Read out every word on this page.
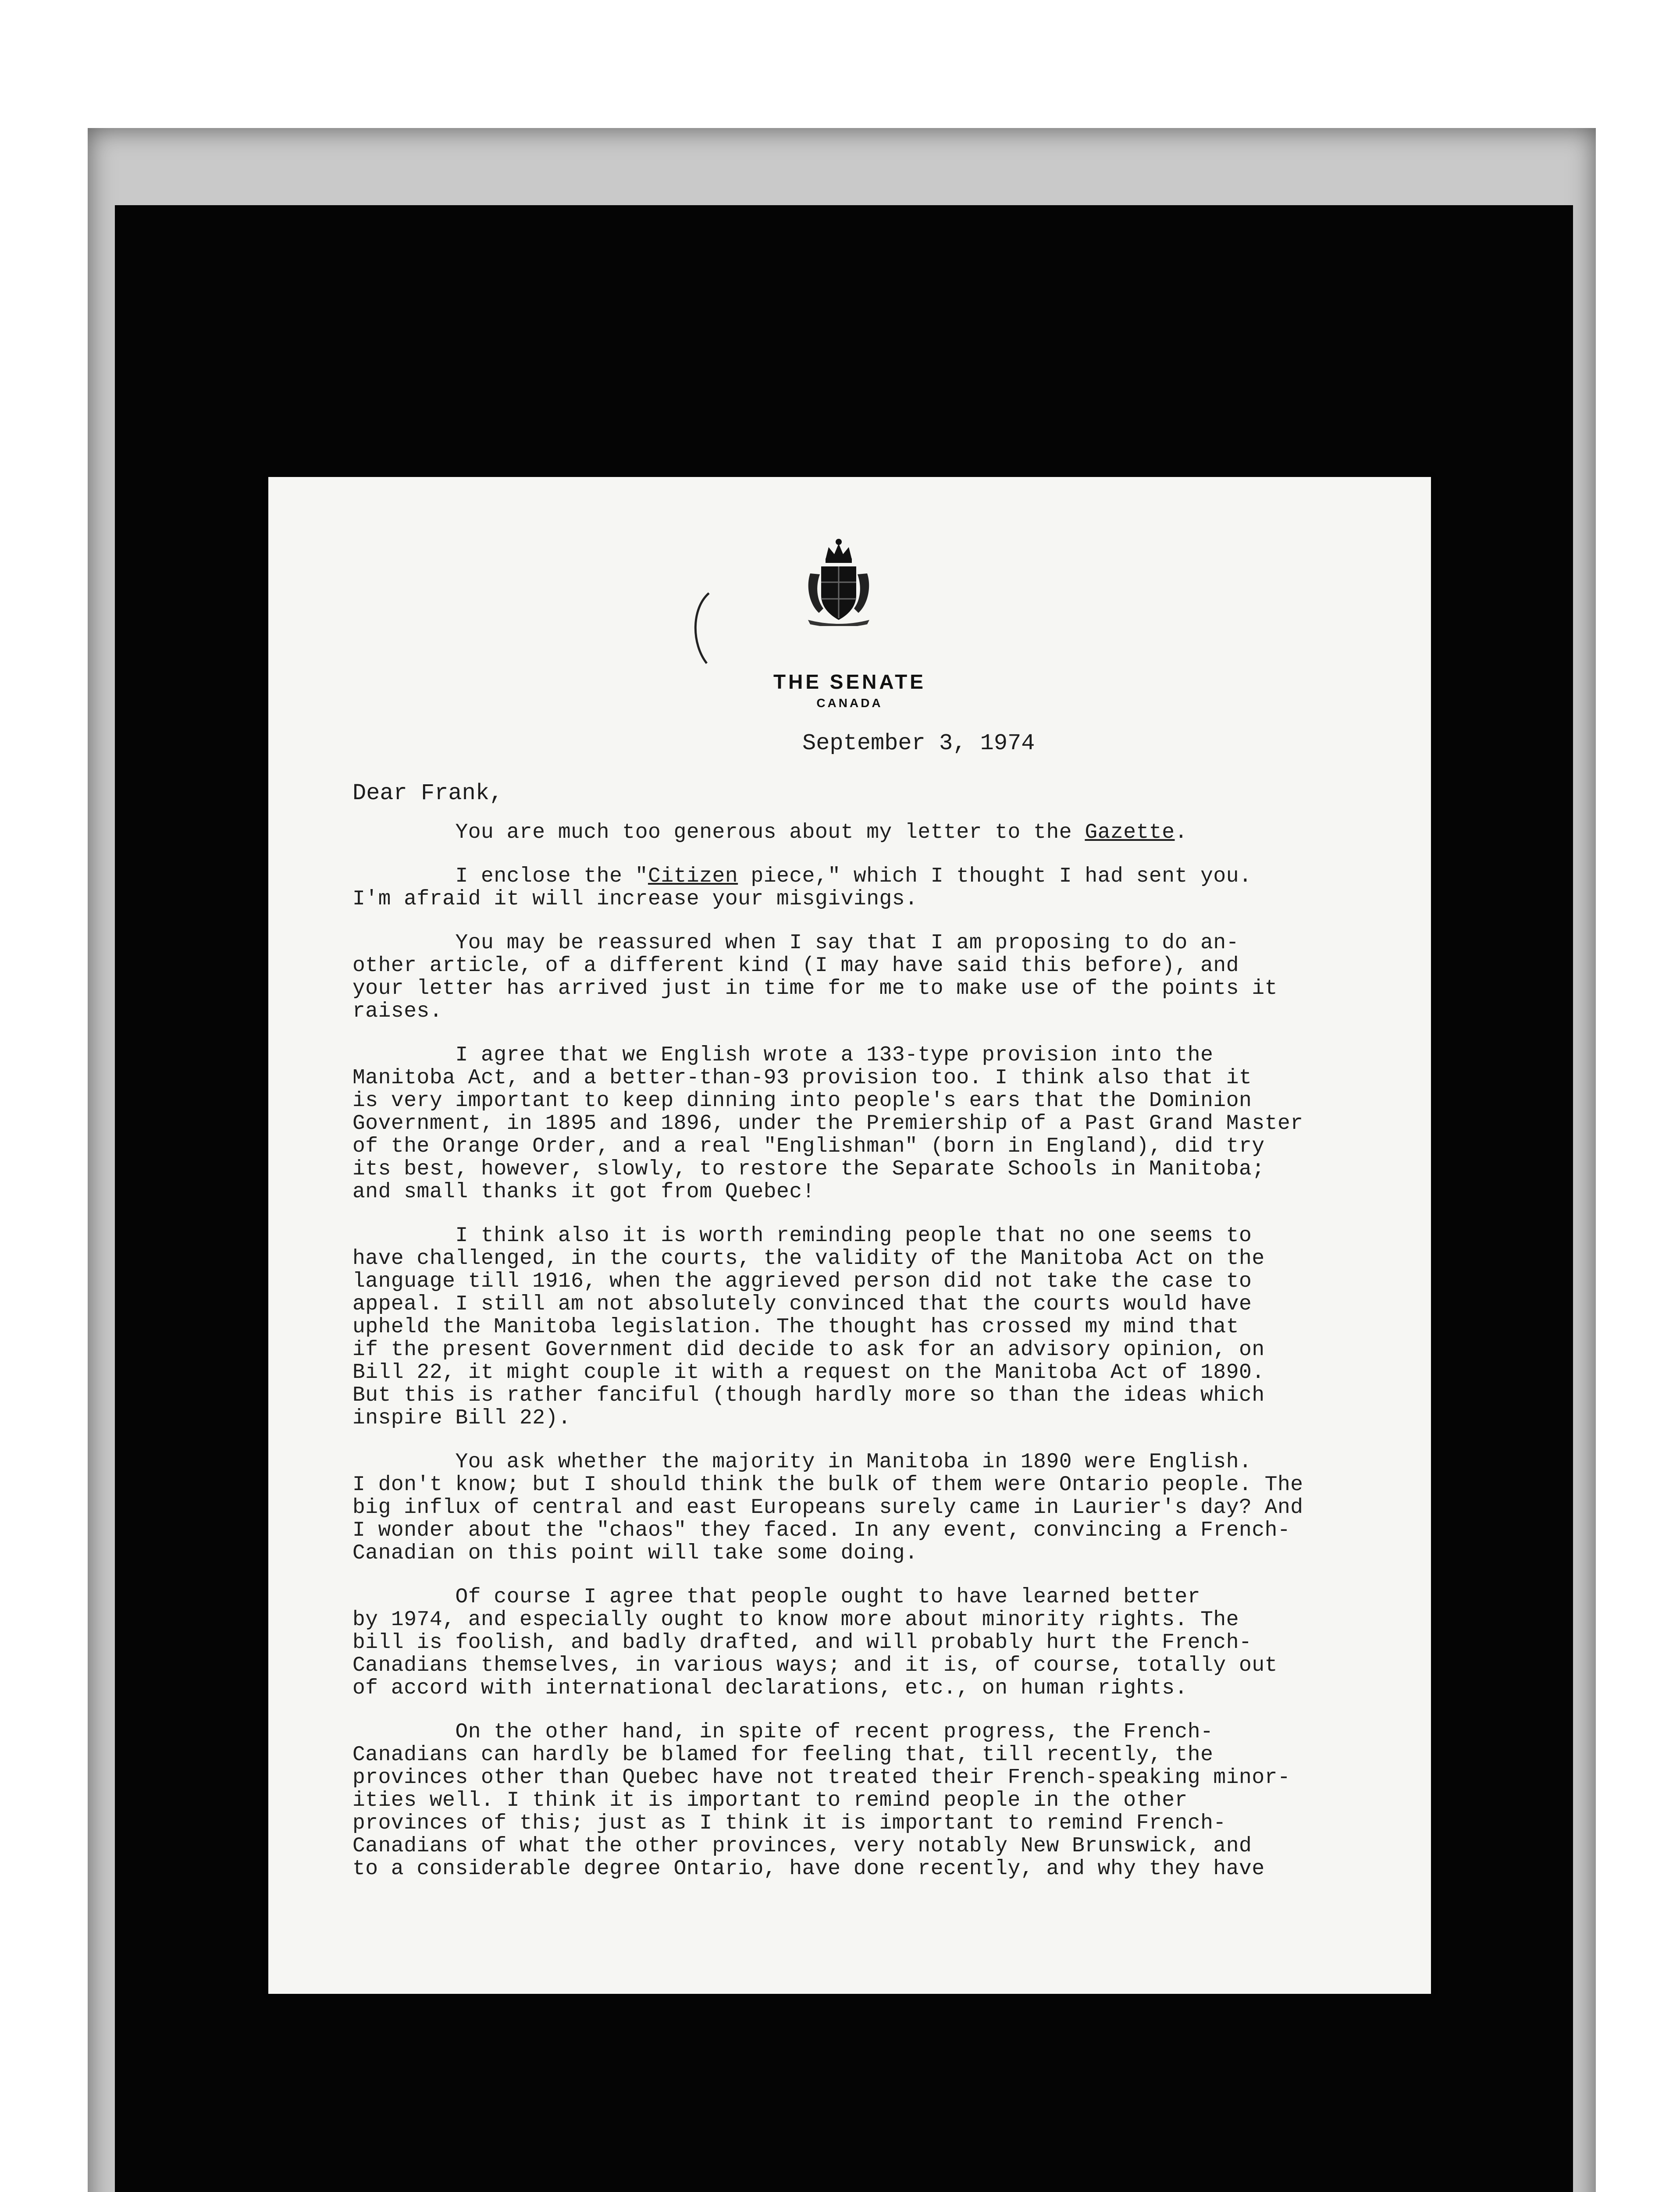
THE SENATE
CANADA

September 3, 1974

Dear Frank,

You are much too generous about my letter to the Gazette.
I enclose the "Citizen piece," which I thought I had sent you.
I'm afraid it will increase your misgivings.
You may be reassured when I say that I am proposing to do an-
other article, of a different kind (I may have said this before), and
your letter has arrived just in time for me to make use of the points it
raises.
I agree that we English wrote a 133-type provision into the
Manitoba Act, and a better-than-93 provision too. I think also that it
is very important to keep dinning into people's ears that the Dominion
Government, in 1895 and 1896, under the Premiership of a Past Grand Master
of the Orange Order, and a real "Englishman" (born in England), did try
its best, however, slowly, to restore the Separate Schools in Manitoba;
and small thanks it got from Quebec!
I think also it is worth reminding people that no one seems to
have challenged, in the courts, the validity of the Manitoba Act on the
language till 1916, when the aggrieved person did not take the case to
appeal. I still am not absolutely convinced that the courts would have
upheld the Manitoba legislation. The thought has crossed my mind that
if the present Government did decide to ask for an advisory opinion, on
Bill 22, it might couple it with a request on the Manitoba Act of 1890.
But this is rather fanciful (though hardly more so than the ideas which
inspire Bill 22).
You ask whether the majority in Manitoba in 1890 were English.
I don't know; but I should think the bulk of them were Ontario people. The
big influx of central and east Europeans surely came in Laurier's day? And
I wonder about the "chaos" they faced. In any event, convincing a French-
Canadian on this point will take some doing.
Of course I agree that people ought to have learned better
by 1974, and especially ought to know more about minority rights. The
bill is foolish, and badly drafted, and will probably hurt the French-
Canadians themselves, in various ways; and it is, of course, totally out
of accord with international declarations, etc., on human rights.
On the other hand, in spite of recent progress, the French-
Canadians can hardly be blamed for feeling that, till recently, the
provinces other than Quebec have not treated their French-speaking minor-
ities well. I think it is important to remind people in the other
provinces of this; just as I think it is important to remind French-
Canadians of what the other provinces, very notably New Brunswick, and
to a considerable degree Ontario, have done recently, and why they have
